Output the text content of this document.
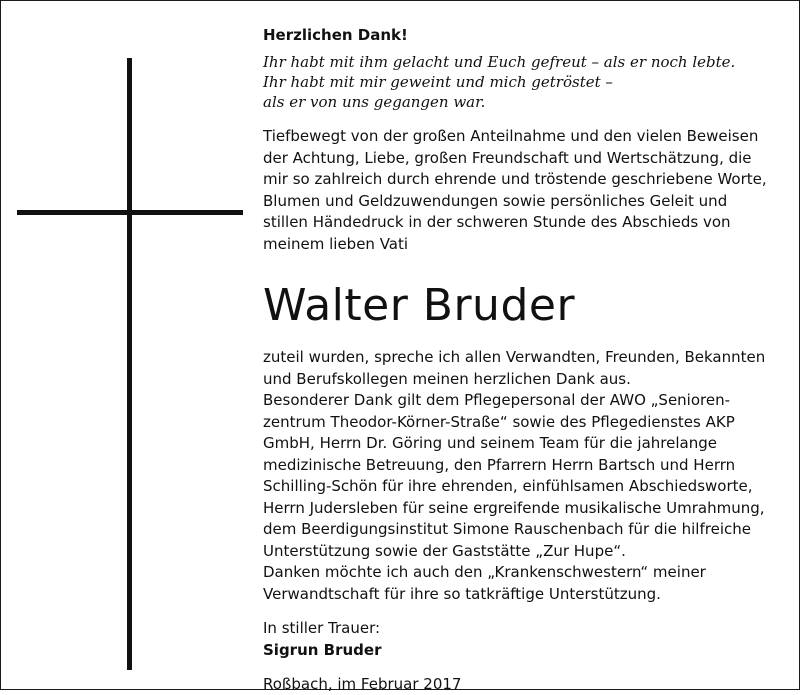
Herzlichen Dank!
Ihr habt mit ihm gelacht und Euch gefreut – als er noch lebte.
Ihr habt mit mir geweint und mich getröstet –
als er von uns gegangen war.
Tiefbewegt von der großen Anteilnahme und den vielen Beweisen
der Achtung, Liebe, großen Freundschaft und Wertschätzung, die
mir so zahlreich durch ehrende und tröstende geschriebene Worte,
Blumen und Geldzuwendungen sowie persönliches Geleit und
stillen Händedruck in der schweren Stunde des Abschieds von
meinem lieben Vati
Walter Bruder
zuteil wurden, spreche ich allen Verwandten, Freunden, Bekannten
und Berufskollegen meinen herzlichen Dank aus.
Besonderer Dank gilt dem Pflegepersonal der AWO „Senioren-
zentrum Theodor-Körner-Straße“ sowie des Pflegedienstes AKP
GmbH, Herrn Dr. Göring und seinem Team für die jahrelange
medizinische Betreuung, den Pfarrern Herrn Bartsch und Herrn
Schilling-Schön für ihre ehrenden, einfühlsamen Abschiedsworte,
Herrn Judersleben für seine ergreifende musikalische Umrahmung,
dem Beerdigungsinstitut Simone Rauschenbach für die hilfreiche
Unterstützung sowie der Gaststätte „Zur Hupe“.
Danken möchte ich auch den „Krankenschwestern“ meiner
Verwandtschaft für ihre so tatkräftige Unterstützung.
In stiller Trauer:
Sigrun Bruder
Roßbach, im Februar 2017
